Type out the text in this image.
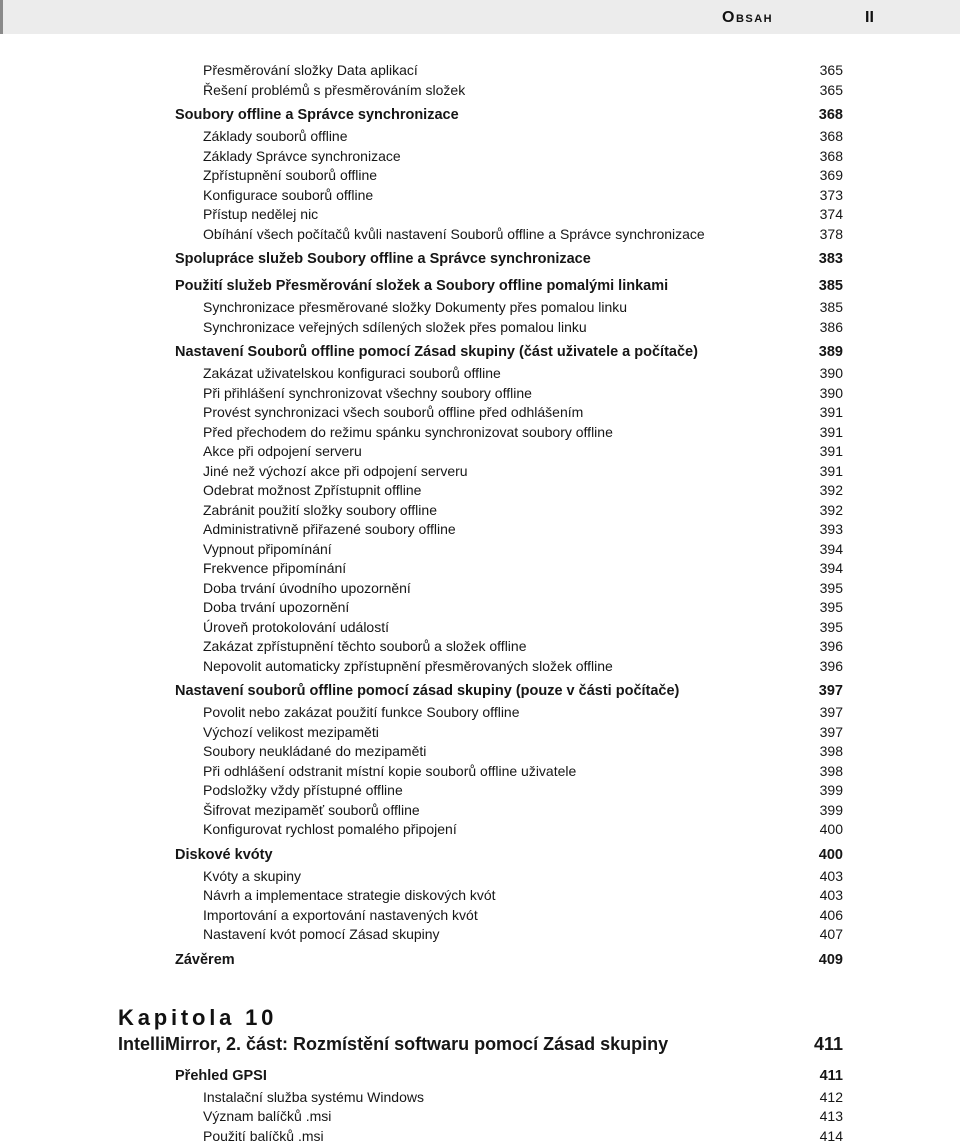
Obsah	II
Přesměrování složky Data aplikací	365
Řešení problémů s přesměrováním složek	365
Soubory offline a Správce synchronizace	368
Základy souborů offline	368
Základy Správce synchronizace	368
Zpřístupnění souborů offline	369
Konfigurace souborů offline	373
Přístup nedělej nic	374
Obíhání všech počítačů kvůli nastavení Souborů offline a Správce synchronizace	378
Spolupráce služeb Soubory offline a Správce synchronizace	383
Použití služeb Přesměrování složek a Soubory offline pomalými linkami	385
Synchronizace přesměrované složky Dokumenty přes pomalou linku	385
Synchronizace veřejných sdílených složek přes pomalou linku	386
Nastavení Souborů offline pomocí Zásad skupiny (část uživatele a počítače)	389
Zakázat uživatelskou konfiguraci souborů offline	390
Při přihlášení synchronizovat všechny soubory offline	390
Provést synchronizaci všech souborů offline před odhlášením	391
Před přechodem do režimu spánku synchronizovat soubory offline	391
Akce při odpojení serveru	391
Jiné než výchozí akce při odpojení serveru	391
Odebrat možnost Zpřístupnit offline	392
Zabránit použití složky soubory offline	392
Administrativně přiřazené soubory offline	393
Vypnout připomínání	394
Frekvence připomínání	394
Doba trvání úvodního upozornění	395
Doba trvání upozornění	395
Úroveň protokolování událostí	395
Zakázat zpřístupnění těchto souborů a složek offline	396
Nepovolit automaticky zpřístupnění přesměrovaných složek offline	396
Nastavení souborů offline pomocí zásad skupiny (pouze v části počítače)	397
Povolit nebo zakázat použití funkce Soubory offline	397
Výchozí velikost mezipaměti	397
Soubory neukládané do mezipaměti	398
Při odhlášení odstranit místní kopie souborů offline uživatele	398
Podsložky vždy přístupné offline	399
Šifrovat mezipaměť souborů offline	399
Konfigurovat rychlost pomalého připojení	400
Diskové kvóty	400
Kvóty a skupiny	403
Návrh a implementace strategie diskových kvót	403
Importování a exportování nastavených kvót	406
Nastavení kvót pomocí Zásad skupiny	407
Závěrem	409
Kapitola 10
IntelliMirror, 2. část: Rozmístění softwaru pomocí Zásad skupiny	411
Přehled GPSI	411
Instalační služba systému Windows	412
Význam balíčků .msi	413
Použití balíčků .msi	414
